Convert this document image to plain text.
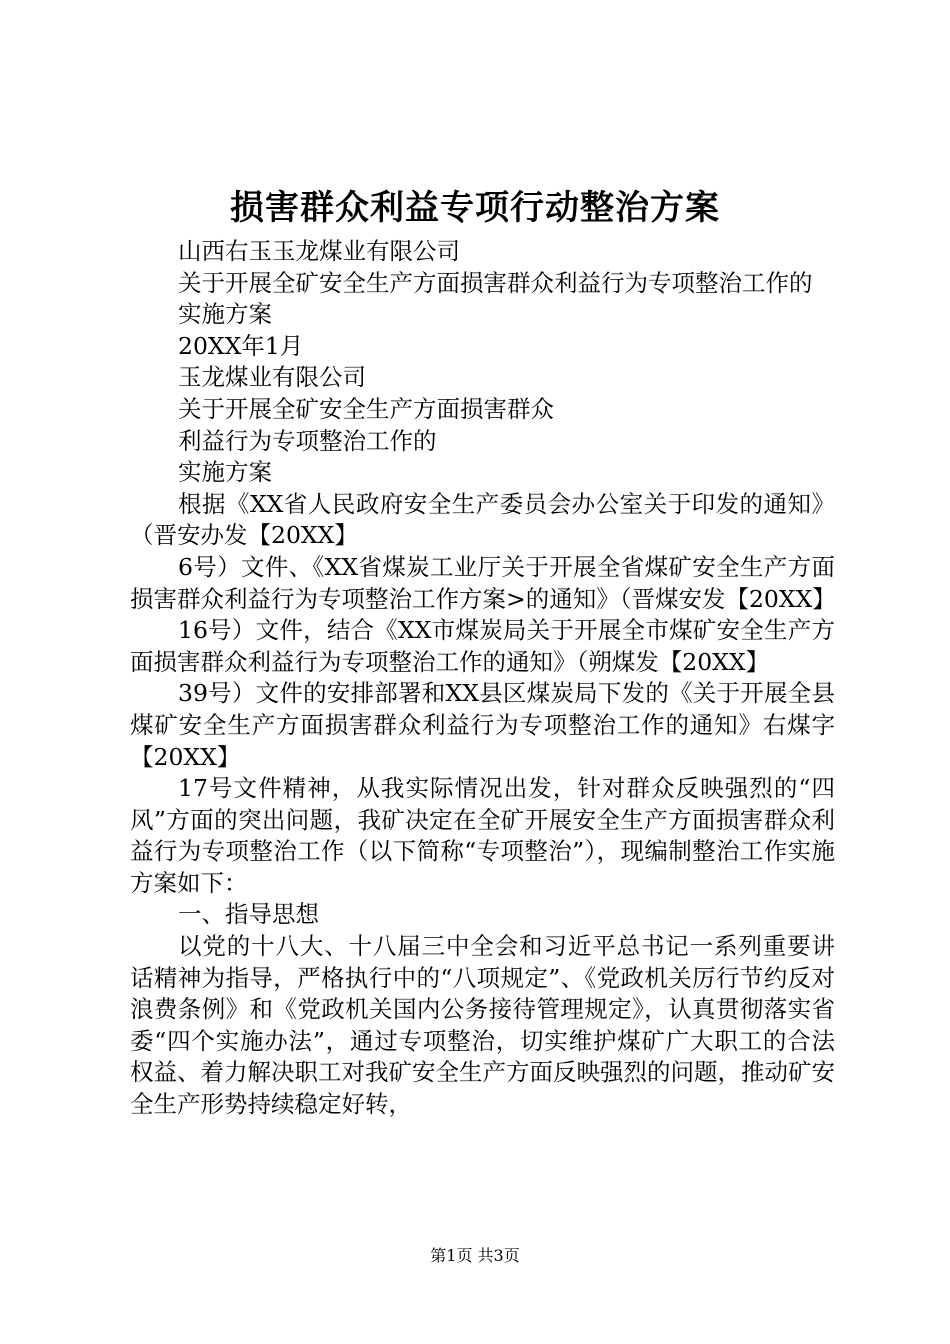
损害群众利益专项行动整治方案

山西右玉玉龙煤业有限公司

关于开展全矿安全生产方面损害群众利益行为专项整治工作的

实施方案

20XX年1月

玉龙煤业有限公司

关于开展全矿安全生产方面损害群众

利益行为专项整治工作的

实施方案

根据《XX省人民政府安全生产委员会办公室关于印发的通知》（晋安办发【20XX】

6号）文件、《XX省煤炭工业厅关于开展全省煤矿安全生产方面损害群众利益行为专项整治工作方案>的通知》（晋煤安发【20XX】

16号）文件，结合《XX市煤炭局关于开展全市煤矿安全生产方面损害群众利益行为专项整治工作的通知》（朔煤发【20XX】

39号）文件的安排部署和XX县区煤炭局下发的《关于开展全县煤矿安全生产方面损害群众利益行为专项整治工作的通知》右煤字【20XX】

17号文件精神，从我实际情况出发，针对群众反映强烈的“四风”方面的突出问题，我矿决定在全矿开展安全生产方面损害群众利益行为专项整治工作（以下简称“专项整治”），现编制整治工作实施方案如下：

一、指导思想

以党的十八大、十八届三中全会和习近平总书记一系列重要讲话精神为指导，严格执行中的“八项规定”、《党政机关厉行节约反对浪费条例》和《党政机关国内公务接待管理规定》，认真贯彻落实省委“四个实施办法”，通过专项整治，切实维护煤矿广大职工的合法权益、着力解决职工对我矿安全生产方面反映强烈的问题，推动矿安全生产形势持续稳定好转，

第1页 共3页
